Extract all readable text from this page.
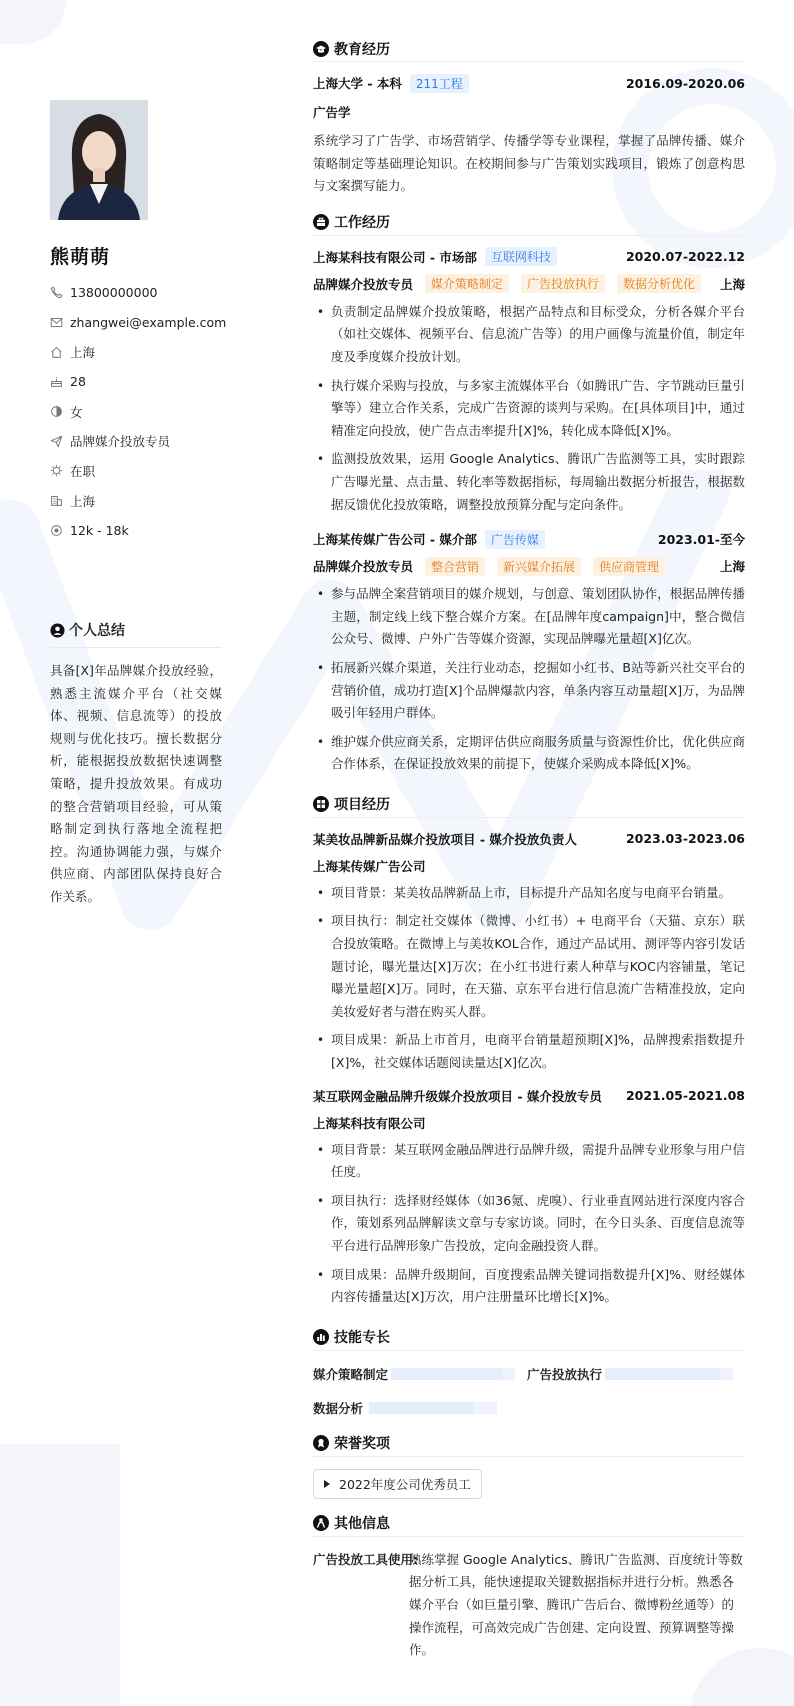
熊萌萌
13800000000
zhangwei@example.com
上海
28
女
品牌媒介投放专员
在职
上海
12k - 18k
个人总结
具备[X]年品牌媒介投放经验，熟悉主流媒介平台（社交媒体、视频、信息流等）的投放规则与优化技巧。擅长数据分析，能根据投放数据快速调整策略，提升投放效果。有成功的整合营销项目经验，可从策略制定到执行落地全流程把控。沟通协调能力强，与媒介供应商、内部团队保持良好合作关系。
教育经历
上海大学 - 本科	211工程	2016.09-2020.06
广告学
系统学习了广告学、市场营销学、传播学等专业课程，掌握了品牌传播、媒介策略制定等基础理论知识。在校期间参与广告策划实践项目，锻炼了创意构思与文案撰写能力。
工作经历
上海某科技有限公司 - 市场部	互联网科技	2020.07-2022.12
品牌媒介投放专员	媒介策略制定	广告投放执行	数据分析优化	上海
• 负责制定品牌媒介投放策略，根据产品特点和目标受众，分析各媒介平台（如社交媒体、视频平台、信息流广告等）的用户画像与流量价值，制定年度及季度媒介投放计划。
• 执行媒介采购与投放，与多家主流媒体平台（如腾讯广告、字节跳动巨量引擎等）建立合作关系，完成广告资源的谈判与采购。在[具体项目]中，通过精准定向投放，使广告点击率提升[X]%，转化成本降低[X]%。
• 监测投放效果，运用 Google Analytics、腾讯广告监测等工具，实时跟踪广告曝光量、点击量、转化率等数据指标，每周输出数据分析报告，根据数据反馈优化投放策略，调整投放预算分配与定向条件。
上海某传媒广告公司 - 媒介部	广告传媒	2023.01-至今
品牌媒介投放专员	整合营销	新兴媒介拓展	供应商管理	上海
• 参与品牌全案营销项目的媒介规划，与创意、策划团队协作，根据品牌传播主题，制定线上线下整合媒介方案。在[品牌年度campaign]中，整合微信公众号、微博、户外广告等媒介资源，实现品牌曝光量超[X]亿次。
• 拓展新兴媒介渠道，关注行业动态，挖掘如小红书、B站等新兴社交平台的营销价值，成功打造[X]个品牌爆款内容，单条内容互动量超[X]万，为品牌吸引年轻用户群体。
• 维护媒介供应商关系，定期评估供应商服务质量与资源性价比，优化供应商合作体系，在保证投放效果的前提下，使媒介采购成本降低[X]%。
项目经历
某美妆品牌新品媒介投放项目 - 媒介投放负责人	2023.03-2023.06
上海某传媒广告公司
• 项目背景：某美妆品牌新品上市，目标提升产品知名度与电商平台销量。
• 项目执行：制定社交媒体（微博、小红书）+ 电商平台（天猫、京东）联合投放策略。在微博上与美妆KOL合作，通过产品试用、测评等内容引发话题讨论，曝光量达[X]万次；在小红书进行素人种草与KOC内容铺量，笔记曝光量超[X]万。同时，在天猫、京东平台进行信息流广告精准投放，定向美妆爱好者与潜在购买人群。
• 项目成果：新品上市首月，电商平台销量超预期[X]%，品牌搜索指数提升[X]%，社交媒体话题阅读量达[X]亿次。
某互联网金融品牌升级媒介投放项目 - 媒介投放专员 2021.05-2021.08
上海某科技有限公司
• 项目背景：某互联网金融品牌进行品牌升级，需提升品牌专业形象与用户信任度。
• 项目执行：选择财经媒体（如36氪、虎嗅）、行业垂直网站进行深度内容合作，策划系列品牌解读文章与专家访谈。同时，在今日头条、百度信息流等平台进行品牌形象广告投放，定向金融投资人群。
• 项目成果：品牌升级期间，百度搜索品牌关键词指数提升[X]%、财经媒体内容传播量达[X]万次，用户注册量环比增长[X]%。
技能专长
媒介策略制定	广告投放执行
数据分析
荣誉奖项
2022年度公司优秀员工
其他信息
广告投放工具使用:
熟练掌握 Google Analytics、腾讯广告监测、百度统计等数据分析工具，能快速提取关键数据指标并进行分析。熟悉各媒介平台（如巨量引擎、腾讯广告后台、微博粉丝通等）的操作流程，可高效完成广告创建、定向设置、预算调整等操作。
